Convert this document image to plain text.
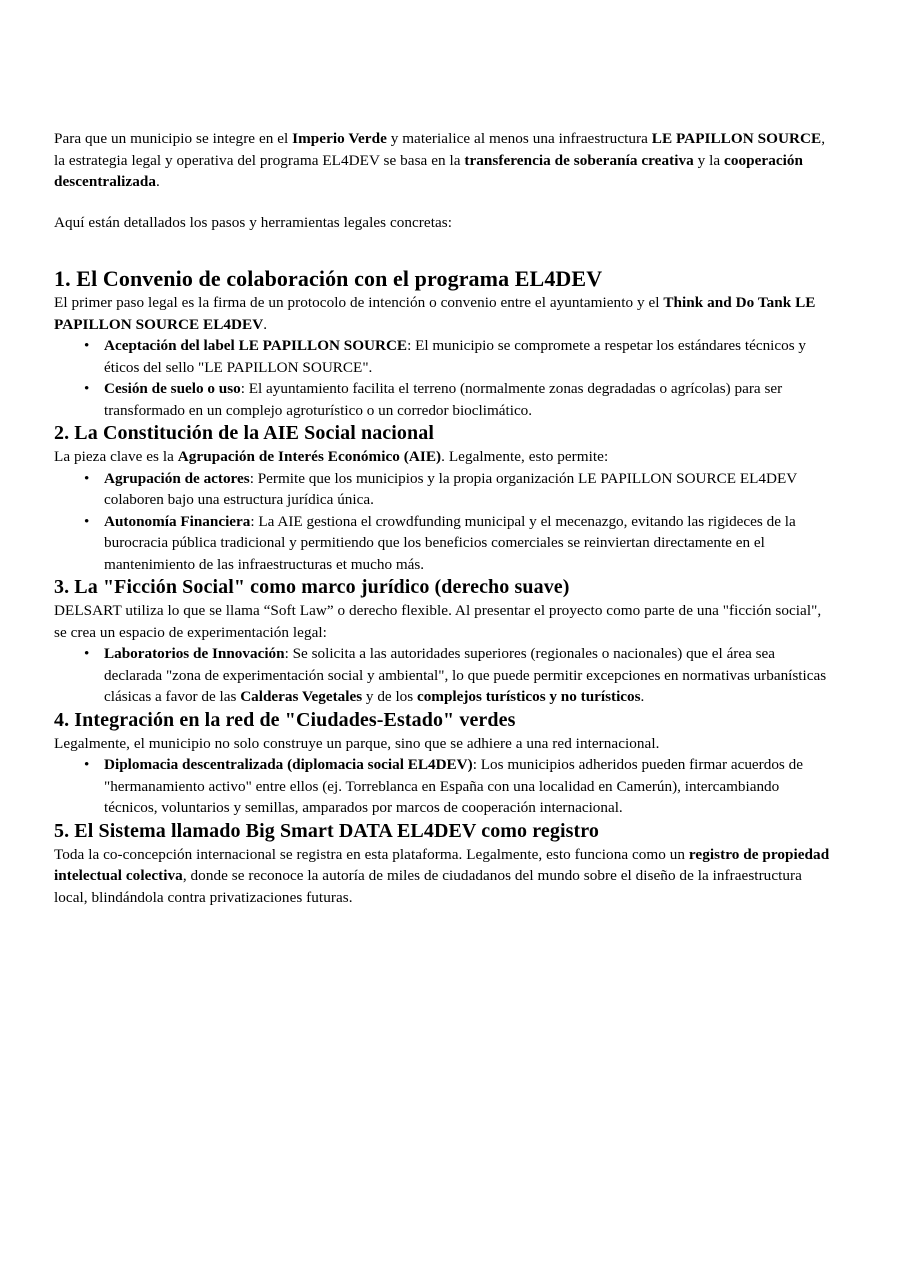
Para que un municipio se integre en el Imperio Verde y materialice al menos una infraestructura LE PAPILLON SOURCE, la estrategia legal y operativa del programa EL4DEV se basa en la transferencia de soberanía creativa y la cooperación descentralizada.

Aquí están detallados los pasos y herramientas legales concretas:

1. El Convenio de colaboración con el programa EL4DEV

El primer paso legal es la firma de un protocolo de intención o convenio entre el ayuntamiento y el Think and Do Tank LE PAPILLON SOURCE EL4DEV.

• Aceptación del label LE PAPILLON SOURCE: El municipio se compromete a respetar los estándares técnicos y éticos del sello "LE PAPILLON SOURCE".
• Cesión de suelo o uso: El ayuntamiento facilita el terreno (normalmente zonas degradadas o agrícolas) para ser transformado en un complejo agroturístico o un corredor bioclimático.
2. La Constitución de la AIE Social nacional

La pieza clave es la Agrupación de Interés Económico (AIE). Legalmente, esto permite:

• Agrupación de actores: Permite que los municipios y la propia organización LE PAPILLON SOURCE EL4DEV colaboren bajo una estructura jurídica única.
• Autonomía Financiera: La AIE gestiona el crowdfunding municipal y el mecenazgo, evitando las rigideces de la burocracia pública tradicional y permitiendo que los beneficios comerciales se reinviertan directamente en el mantenimiento de las infraestructuras et mucho más.
3. La "Ficción Social" como marco jurídico (derecho suave)

DELSART utiliza lo que se llama “Soft Law” o derecho flexible. Al presentar el proyecto como parte de una "ficción social", se crea un espacio de experimentación legal:

• Laboratorios de Innovación: Se solicita a las autoridades superiores (regionales o nacionales) que el área sea declarada "zona de experimentación social y ambiental", lo que puede permitir excepciones en normativas urbanísticas clásicas a favor de las Calderas Vegetales y de los complejos turísticos y no turísticos.
4. Integración en la red de "Ciudades-Estado" verdes

Legalmente, el municipio no solo construye un parque, sino que se adhiere a una red internacional.

• Diplomacia descentralizada (diplomacia social EL4DEV): Los municipios adheridos pueden firmar acuerdos de "hermanamiento activo" entre ellos (ej. Torreblanca en España con una localidad en Camerún), intercambiando técnicos, voluntarios y semillas, amparados por marcos de cooperación internacional.
5. El Sistema llamado Big Smart DATA EL4DEV como registro

Toda la co-concepción internacional se registra en esta plataforma. Legalmente, esto funciona como un registro de propiedad intelectual colectiva, donde se reconoce la autoría de miles de ciudadanos del mundo sobre el diseño de la infraestructura local, blindándola contra privatizaciones futuras.
